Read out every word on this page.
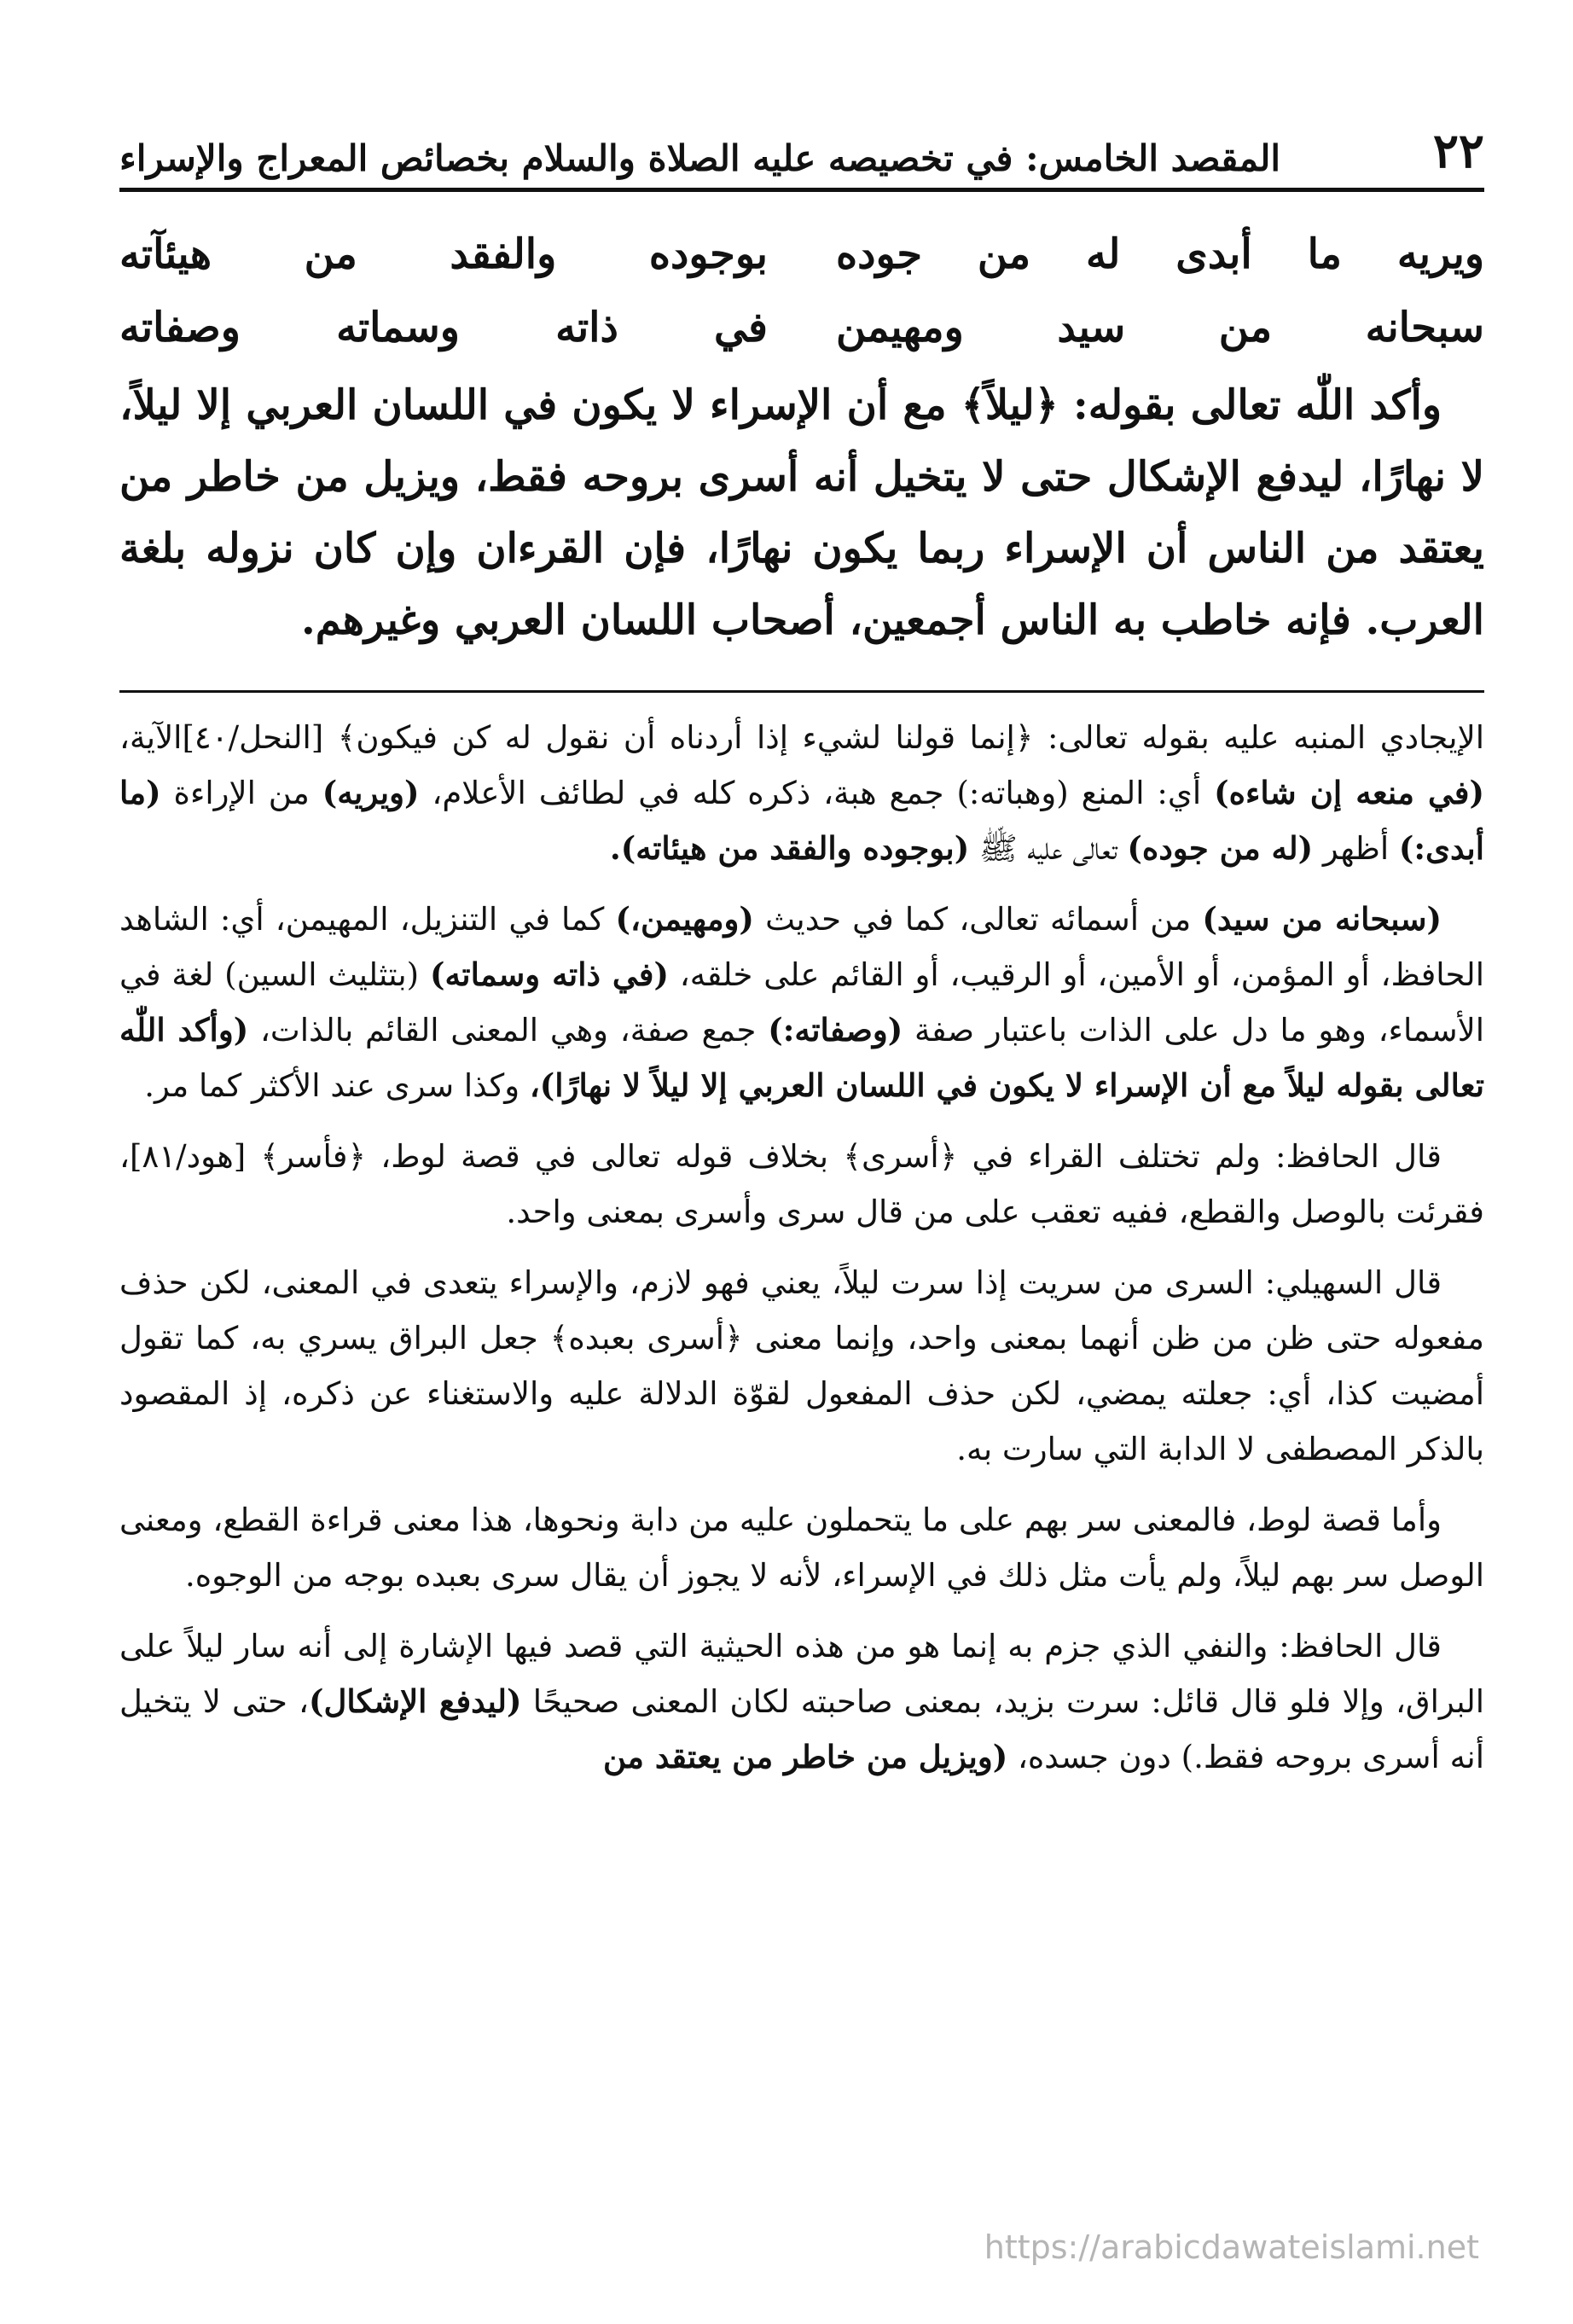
٢٢
المقصد الخامس: في تخصيصه عليه الصلاة والسلام بخصائص المعراج والإسراء
ويريه ما أبدى له من جوده
بوجوده والفقد من هيئآته
سبحانه من سيد ومهيمن
في ذاته وسماته وصفاته
وأكد اللّٰه تعالى بقوله: ﴿ليلاً﴾ مع أن الإسراء لا يكون في اللسان العربي إلا ليلاً، لا نهارًا، ليدفع الإشكال حتى لا يتخيل أنه أسرى بروحه فقط، ويزيل من خاطر من يعتقد من الناس أن الإسراء ربما يكون نهارًا، فإن القرءان وإن كان نزوله بلغة العرب. فإنه خاطب به الناس أجمعين، أصحاب اللسان العربي وغيرهم.

الإيجادي المنبه عليه بقوله تعالى: ﴿إنما قولنا لشيء إذا أردناه أن نقول له كن فيكون﴾ [النحل/٤٠]الآية، (في منعه إن شاءه) أي: المنع (وهباته:) جمع هبة، ذكره كله في لطائف الأعلام، (ويريه) من الإراءة (ما أبدى:) أظهر (له من جوده) تعالى عليه ﷺ (بوجوده والفقد من هيئاته).

(سبحانه من سيد) من أسمائه تعالى، كما في حديث (ومهيمن،) كما في التنزيل، المهيمن، أي: الشاهد الحافظ، أو المؤمن، أو الأمين، أو الرقيب، أو القائم على خلقه، (في ذاته وسماته) (بتثليث السين) لغة في الأسماء، وهو ما دل على الذات باعتبار صفة (وصفاته:) جمع صفة، وهي المعنى القائم بالذات، (وأكد اللّٰه تعالى بقوله ليلاً مع أن الإسراء لا يكون في اللسان العربي إلا ليلاً لا نهارًا)، وكذا سرى عند الأكثر كما مر.

قال الحافظ: ولم تختلف القراء في ﴿أسرى﴾ بخلاف قوله تعالى في قصة لوط، ﴿فأسر﴾ [هود/٨١]، فقرئت بالوصل والقطع، ففيه تعقب على من قال سرى وأسرى بمعنى واحد.

قال السهيلي: السرى من سريت إذا سرت ليلاً، يعني فهو لازم، والإسراء يتعدى في المعنى، لكن حذف مفعوله حتى ظن من ظن أنهما بمعنى واحد، وإنما معنى ﴿أسرى بعبده﴾ جعل البراق يسري به، كما تقول أمضيت كذا، أي: جعلته يمضي، لكن حذف المفعول لقوّة الدلالة عليه والاستغناء عن ذكره، إذ المقصود بالذكر المصطفى لا الدابة التي سارت به.

وأما قصة لوط، فالمعنى سر بهم على ما يتحملون عليه من دابة ونحوها، هذا معنى قراءة القطع، ومعنى الوصل سر بهم ليلاً، ولم يأت مثل ذلك في الإسراء، لأنه لا يجوز أن يقال سرى بعبده بوجه من الوجوه.

قال الحافظ: والنفي الذي جزم به إنما هو من هذه الحيثية التي قصد فيها الإشارة إلى أنه سار ليلاً على البراق، وإلا فلو قال قائل: سرت بزيد، بمعنى صاحبته لكان المعنى صحيحًا (ليدفع الإشكال)، حتى لا يتخيل أنه أسرى بروحه فقط.) دون جسده، (ويزيل من خاطر من يعتقد من

https://arabicdawateislami.net
